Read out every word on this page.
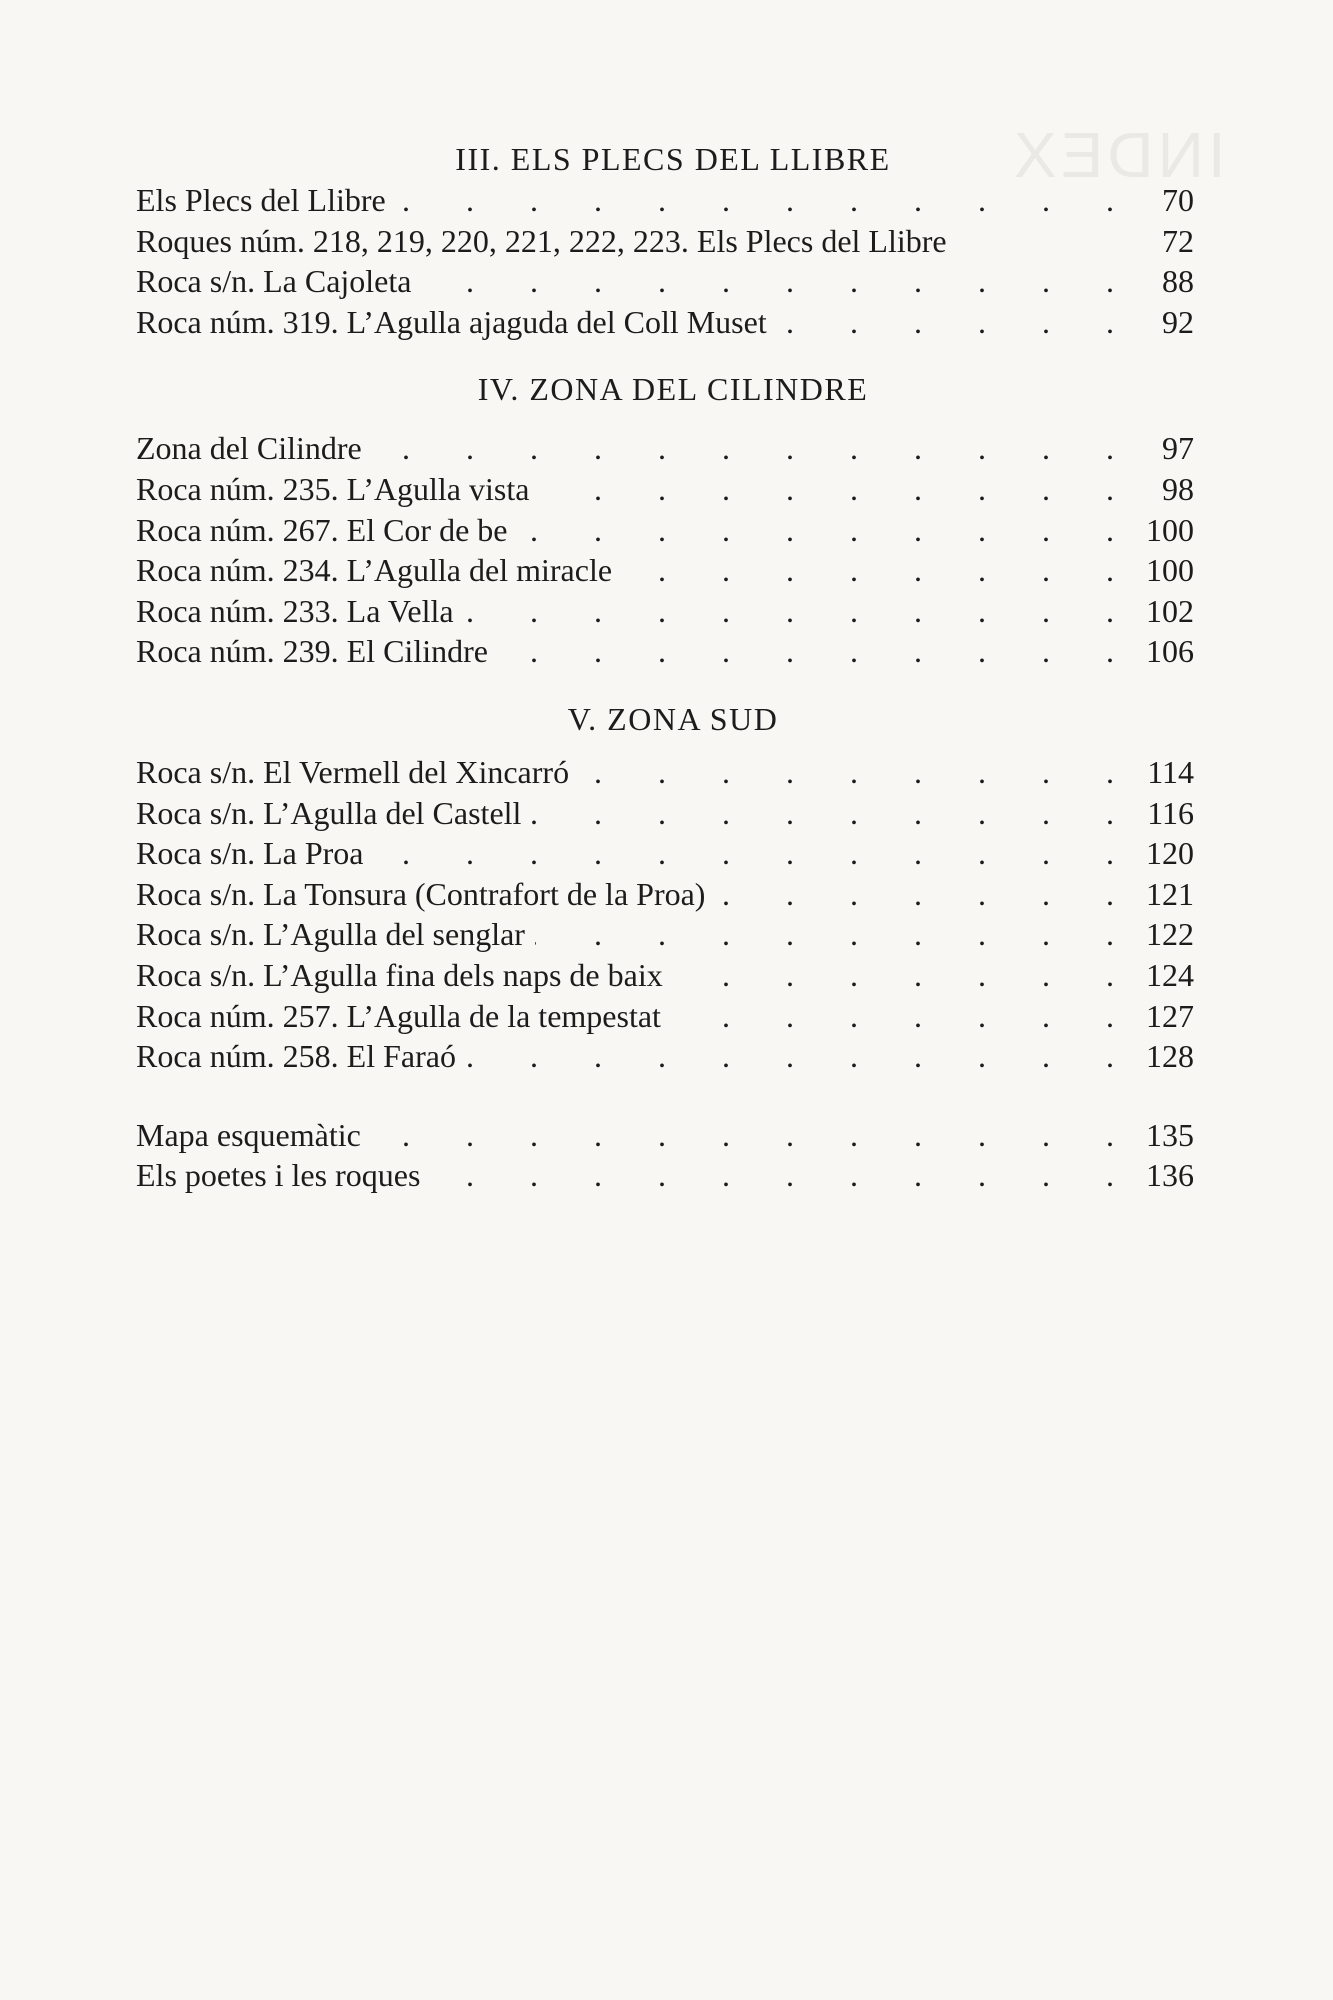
INDEX
III. ELS PLECS DEL LLIBRE
Els Plecs del Llibre .	70
Roques núm. 218, 219, 220, 221, 222, 223. Els Plecs del Llibre	72
Roca s/n. La Cajoleta .	88
Roca núm. 319. L’Agulla ajaguda del Coll Muset .	92
IV. ZONA DEL CILINDRE
Zona del Cilindre .	97
Roca núm. 235. L’Agulla vista .	98
Roca núm. 267. El Cor de be .	100
Roca núm. 234. L’Agulla del miracle .	100
Roca núm. 233. La Vella .	102
Roca núm. 239. El Cilindre .	106
V. ZONA SUD
Roca s/n. El Vermell del Xincarró .	114
Roca s/n. L’Agulla del Castell .	116
Roca s/n. La Proa .	120
Roca s/n. La Tonsura (Contrafort de la Proa) .	121
Roca s/n. L’Agulla del senglar .	122
Roca s/n. L’Agulla fina dels naps de baix .	124
Roca núm. 257. L’Agulla de la tempestat .	127
Roca núm. 258. El Faraó .	128
Mapa esquemàtic .	135
Els poetes i les roques .	136
